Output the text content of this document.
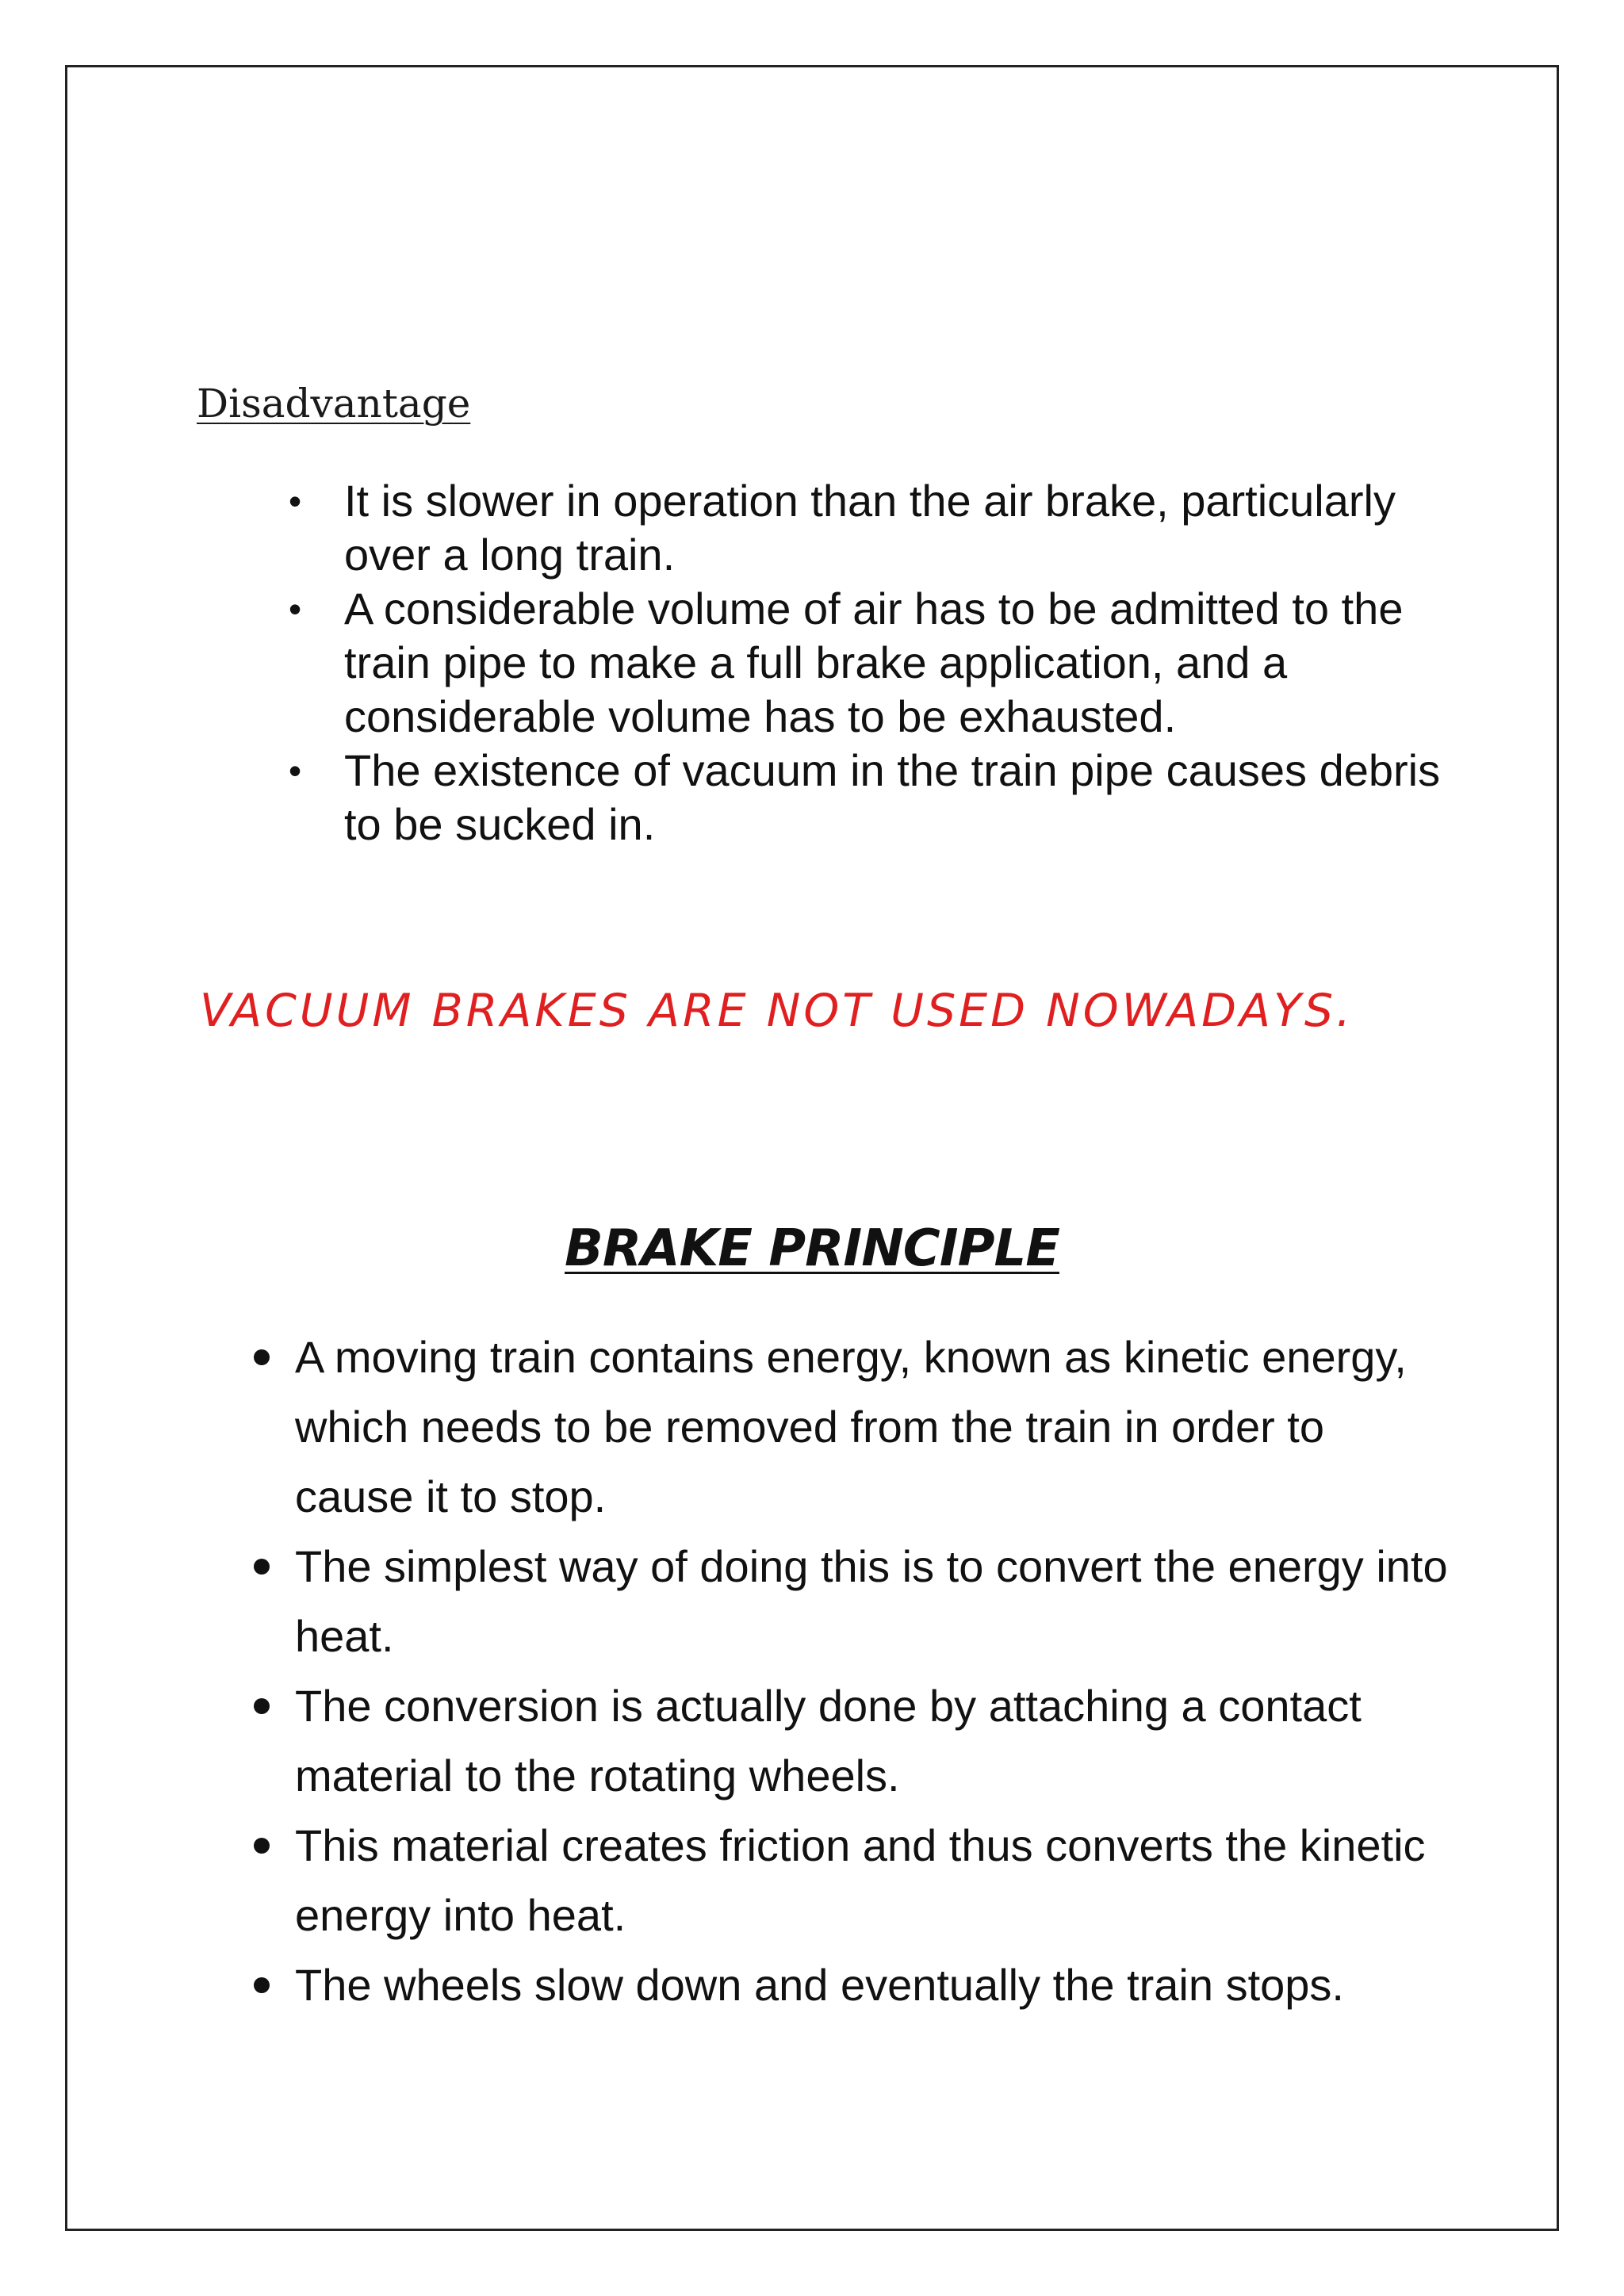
Disadvantage
• It is slower in operation than the air brake, particularly over a long train.
• A considerable volume of air has to be admitted to the train pipe to make a full brake application, and a considerable volume has to be exhausted.
• The existence of vacuum in the train pipe causes debris to be sucked in.

VACUUM BRAKES ARE NOT USED NOWADAYS.

BRAKE PRINCIPLE
A moving train contains energy, known as kinetic energy, which needs to be removed from the train in order to cause it to stop.
The simplest way of doing this is to convert the energy into heat.
The conversion is actually done by attaching a contact material to the rotating wheels.
This material creates friction and thus converts the kinetic energy into heat.
The wheels slow down and eventually the train stops.
